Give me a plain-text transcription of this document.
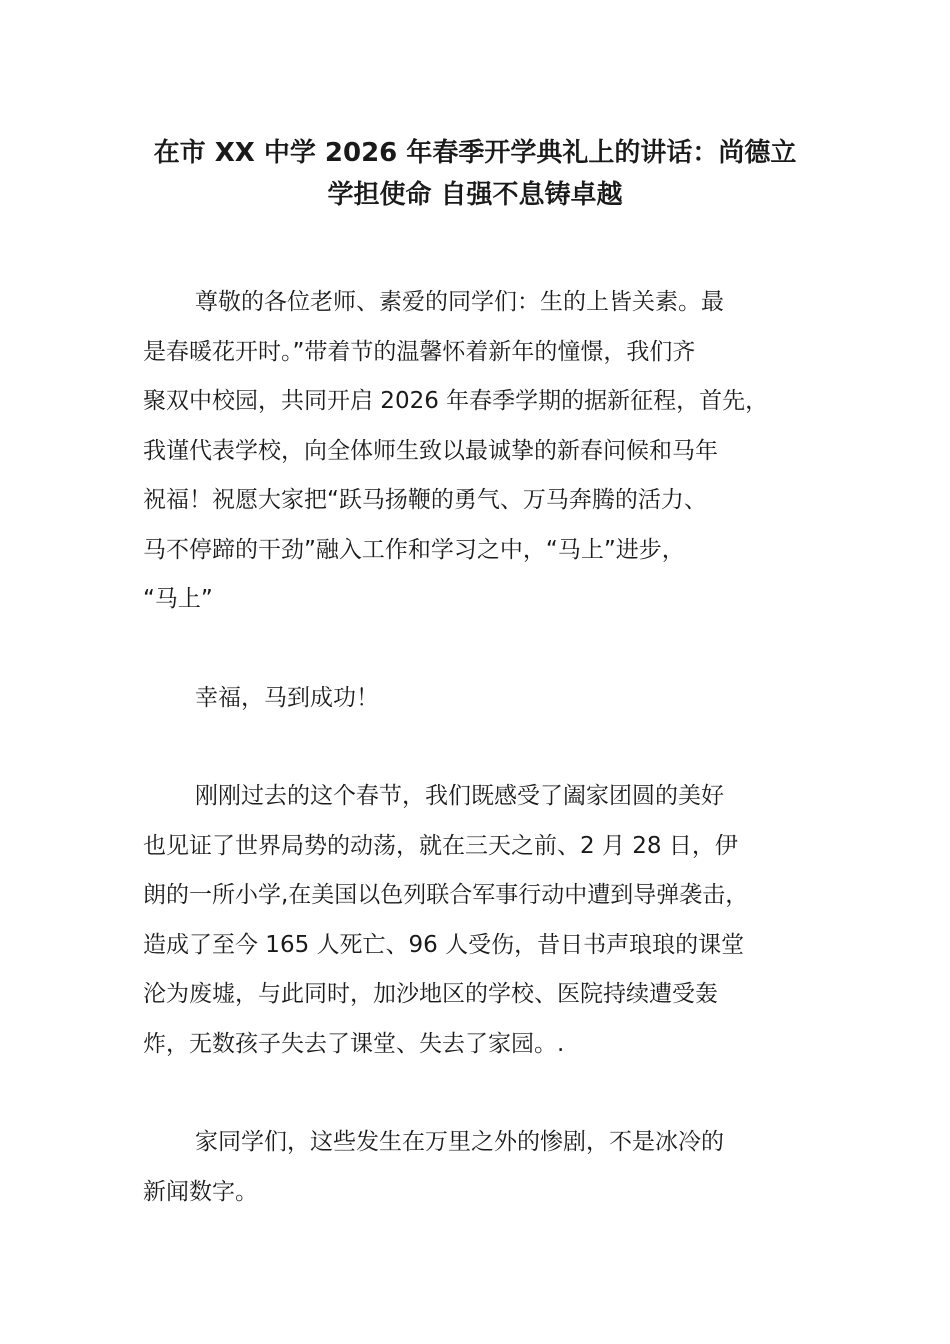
在市 XX 中学 2026 年春季开学典礼上的讲话：尚德立
学担使命 自强不息铸卓越
尊敬的各位老师、素爱的同学们：生的上皆关素。最
是春暖花开时。”带着节的温馨怀着新年的憧憬，我们齐
聚双中校园，共同开启 2026 年春季学期的据新征程，首先，
我谨代表学校，向全体师生致以最诚挚的新春问候和马年
祝福！祝愿大家把“跃马扬鞭的勇气、万马奔腾的活力、
马不停蹄的干劲”融入工作和学习之中，“马上”进步，
“马上”
幸福，马到成功！
刚刚过去的这个春节，我们既感受了阖家团圆的美好
也见证了世界局势的动荡，就在三天之前、2 月 28 日，伊
朗的一所小学,在美国以色列联合军事行动中遭到导弹袭击，
造成了至今 165 人死亡、96 人受伤，昔日书声琅琅的课堂
沦为废墟，与此同时，加沙地区的学校、医院持续遭受轰
炸，无数孩子失去了课堂、失去了家园。.
家同学们，这些发生在万里之外的惨剧，不是冰冷的
新闻数字。
